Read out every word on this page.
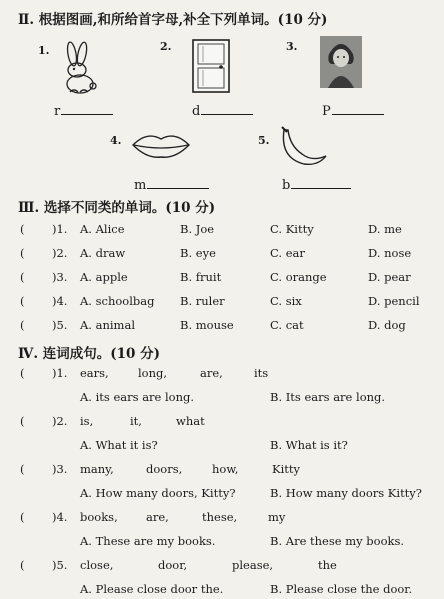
Ⅱ. 根据图画,和所给首字母,补全下列单词。(10 分)
1.
r
2.
d
3.
P
4.
m
5.
b
Ⅲ. 选择不同类的单词。(10 分)
( )1. A. Alice	B. Joe	C. Kitty	D. me
( )2. A. draw	B. eye	C. ear	D. nose
( )3. A. apple	B. fruit	C. orange	D. pear
( )4. A. schoolbag B. ruler	C. six	D. pencil
( )5. A. animal	B. mouse	C. cat	D. dog
Ⅳ. 连词成句。(10 分)
( )1. ears,	long,	are,	its
A. its ears are long.	B. Its ears are long.
( )2. is,	it,	what
A. What it is?	B. What is it?
( )3. many,	doors,	how,	Kitty
A. How many doors, Kitty?	B. How many doors Kitty?
( )4. books, are,	these,	my
A. These are my books.	B. Are these my books.
( )5. close,	door,	please,	the
A. Please close door the.	B. Please close the door.
